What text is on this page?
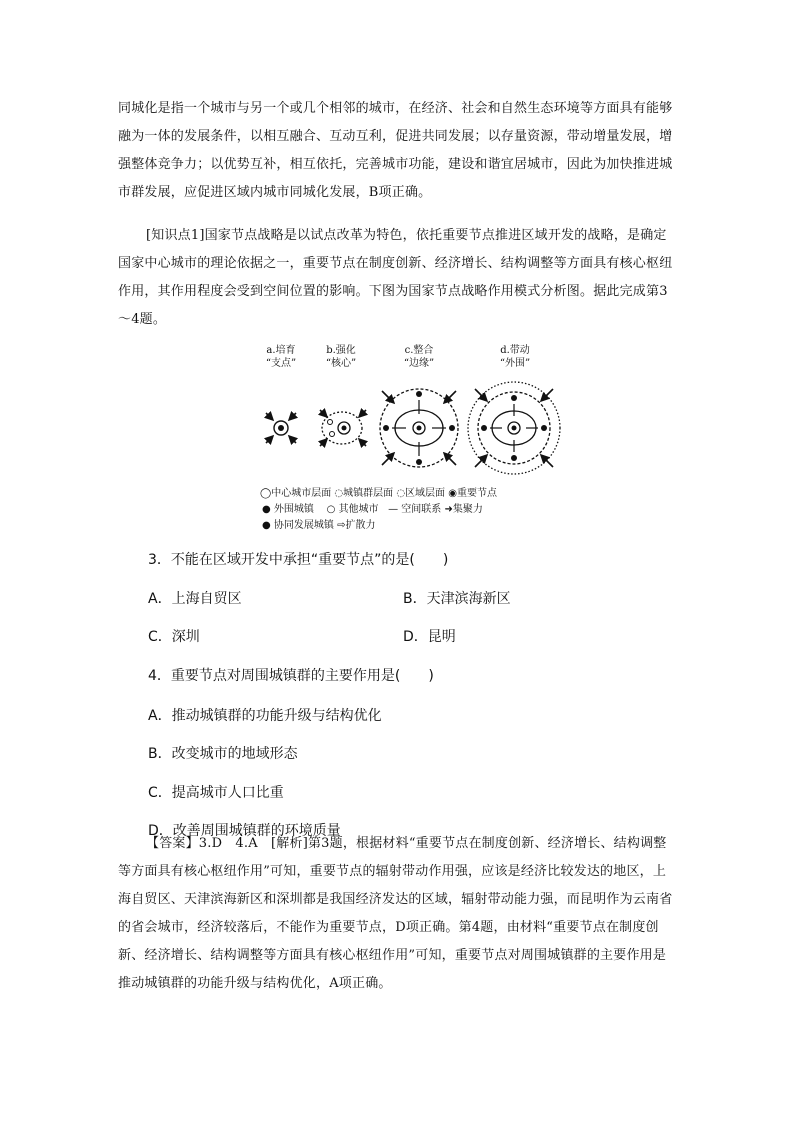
同城化是指一个城市与另一个或几个相邻的城市，在经济、社会和自然生态环境等方面具有能够融为一体的发展条件，以相互融合、互动互利，促进共同发展；以存量资源，带动增量发展，增强整体竞争力；以优势互补，相互依托，完善城市功能，建设和谐宜居城市，因此为加快推进城市群发展，应促进区域内城市同城化发展，B项正确。
[知识点1]国家节点战略是以试点改革为特色，依托重要节点推进区域开发的战略，是确定国家中心城市的理论依据之一，重要节点在制度创新、经济增长、结构调整等方面具有核心枢纽作用，其作用程度会受到空间位置的影响。下图为国家节点战略作用模式分析图。据此完成第3～4题。
a.培育
“支点”
b.强化
“核心”
c.整合
“边缘”
d.带动
“外围”
◯中心城市层面 ◌城镇群层面 ◌区域层面 ◉重要节点
● 外围城镇 ○ 其他城市 — 空间联系 ➜集聚力
● 协同发展城镇 ⇨扩散力
3．不能在区域开发中承担“重要节点”的是(　　)
A．上海自贸区	B．天津滨海新区
C．深圳	D．昆明
4．重要节点对周围城镇群的主要作用是(　　)
A．推动城镇群的功能升级与结构优化
B．改变城市的地域形态
C．提高城市人口比重
D．改善周围城镇群的环境质量
【答案】3.D　4.A　[解析]第3题，根据材料“重要节点在制度创新、经济增长、结构调整等方面具有核心枢纽作用”可知，重要节点的辐射带动作用强，应该是经济比较发达的地区，上海自贸区、天津滨海新区和深圳都是我国经济发达的区域，辐射带动能力强，而昆明作为云南省的省会城市，经济较落后，不能作为重要节点，D项正确。第4题，由材料“重要节点在制度创新、经济增长、结构调整等方面具有核心枢纽作用”可知，重要节点对周围城镇群的主要作用是推动城镇群的功能升级与结构优化，A项正确。
